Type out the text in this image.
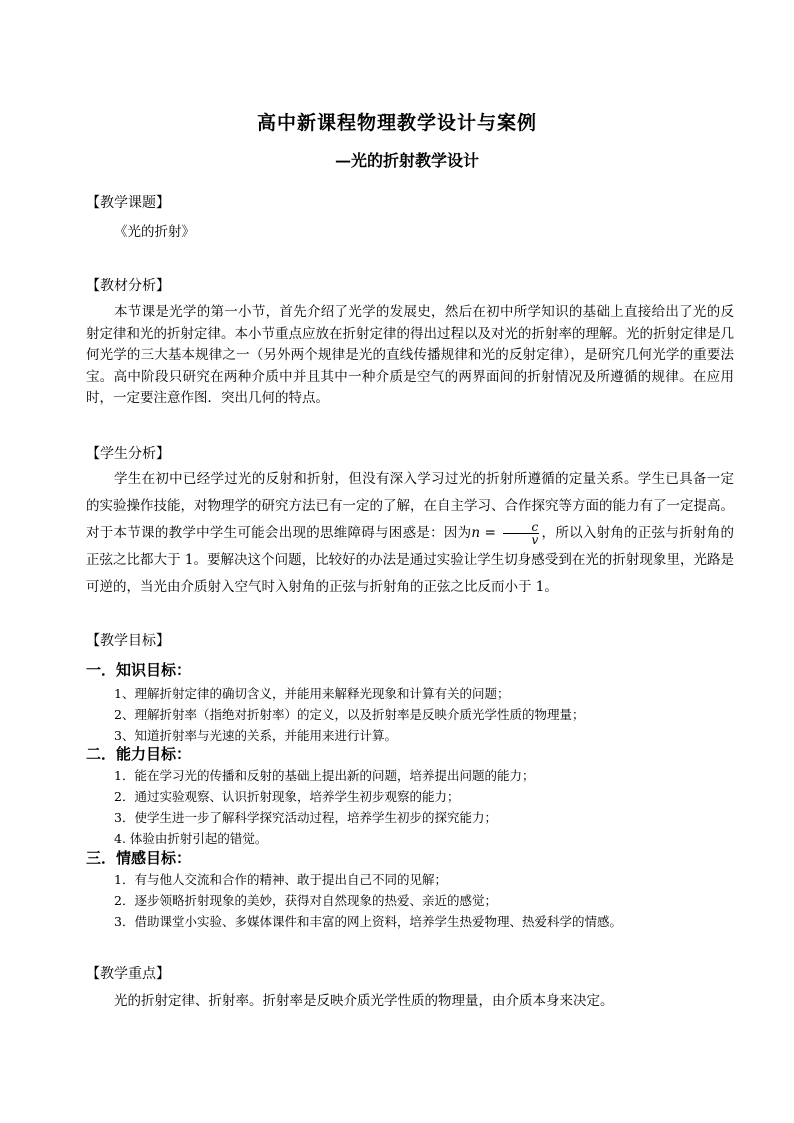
高中新课程物理教学设计与案例
—光的折射教学设计
【教学课题】
《光的折射》
【教材分析】
本节课是光学的第一小节，首先介绍了光学的发展史，然后在初中所学知识的基础上直接给出了光的反射定律和光的折射定律。本小节重点应放在折射定律的得出过程以及对光的折射率的理解。光的折射定律是几何光学的三大基本规律之一（另外两个规律是光的直线传播规律和光的反射定律），是研究几何光学的重要法宝。高中阶段只研究在两种介质中并且其中一种介质是空气的两界面间的折射情况及所遵循的规律。在应用时，一定要注意作图．突出几何的特点。
【学生分析】
学生在初中已经学过光的反射和折射，但没有深入学习过光的折射所遵循的定量关系。学生已具备一定的实验操作技能，对物理学的研究方法已有一定的了解，在自主学习、合作探究等方面的能力有了一定提高。对于本节课的教学中学生可能会出现的思维障碍与困惑是：因为$n = \frac{c}{v}$ ，所以入射角的正弦与折射角的正弦之比都大于 1。要解决这个问题，比较好的办法是通过实验让学生切身感受到在光的折射现象里，光路是可逆的，当光由介质射入空气时入射角的正弦与折射角的正弦之比反而小于 1。
【教学目标】
一．知识目标：
1、理解折射定律的确切含义，并能用来解释光现象和计算有关的问题；
2、理解折射率（指绝对折射率）的定义，以及折射率是反映介质光学性质的物理量；
3、知道折射率与光速的关系，并能用来进行计算。
二．能力目标：
1．能在学习光的传播和反射的基础上提出新的问题，培养提出问题的能力；
2．通过实验观察、认识折射现象，培养学生初步观察的能力；
3．使学生进一步了解科学探究活动过程，培养学生初步的探究能力；
4. 体验由折射引起的错觉。
三．情感目标：
1．有与他人交流和合作的精神、敢于提出自己不同的见解；
2．逐步领略折射现象的美妙，获得对自然现象的热爱、亲近的感觉；
3．借助课堂小实验、多媒体课件和丰富的网上资料，培养学生热爱物理、热爱科学的情感。
【教学重点】
光的折射定律、折射率。折射率是反映介质光学性质的物理量，由介质本身来决定。
